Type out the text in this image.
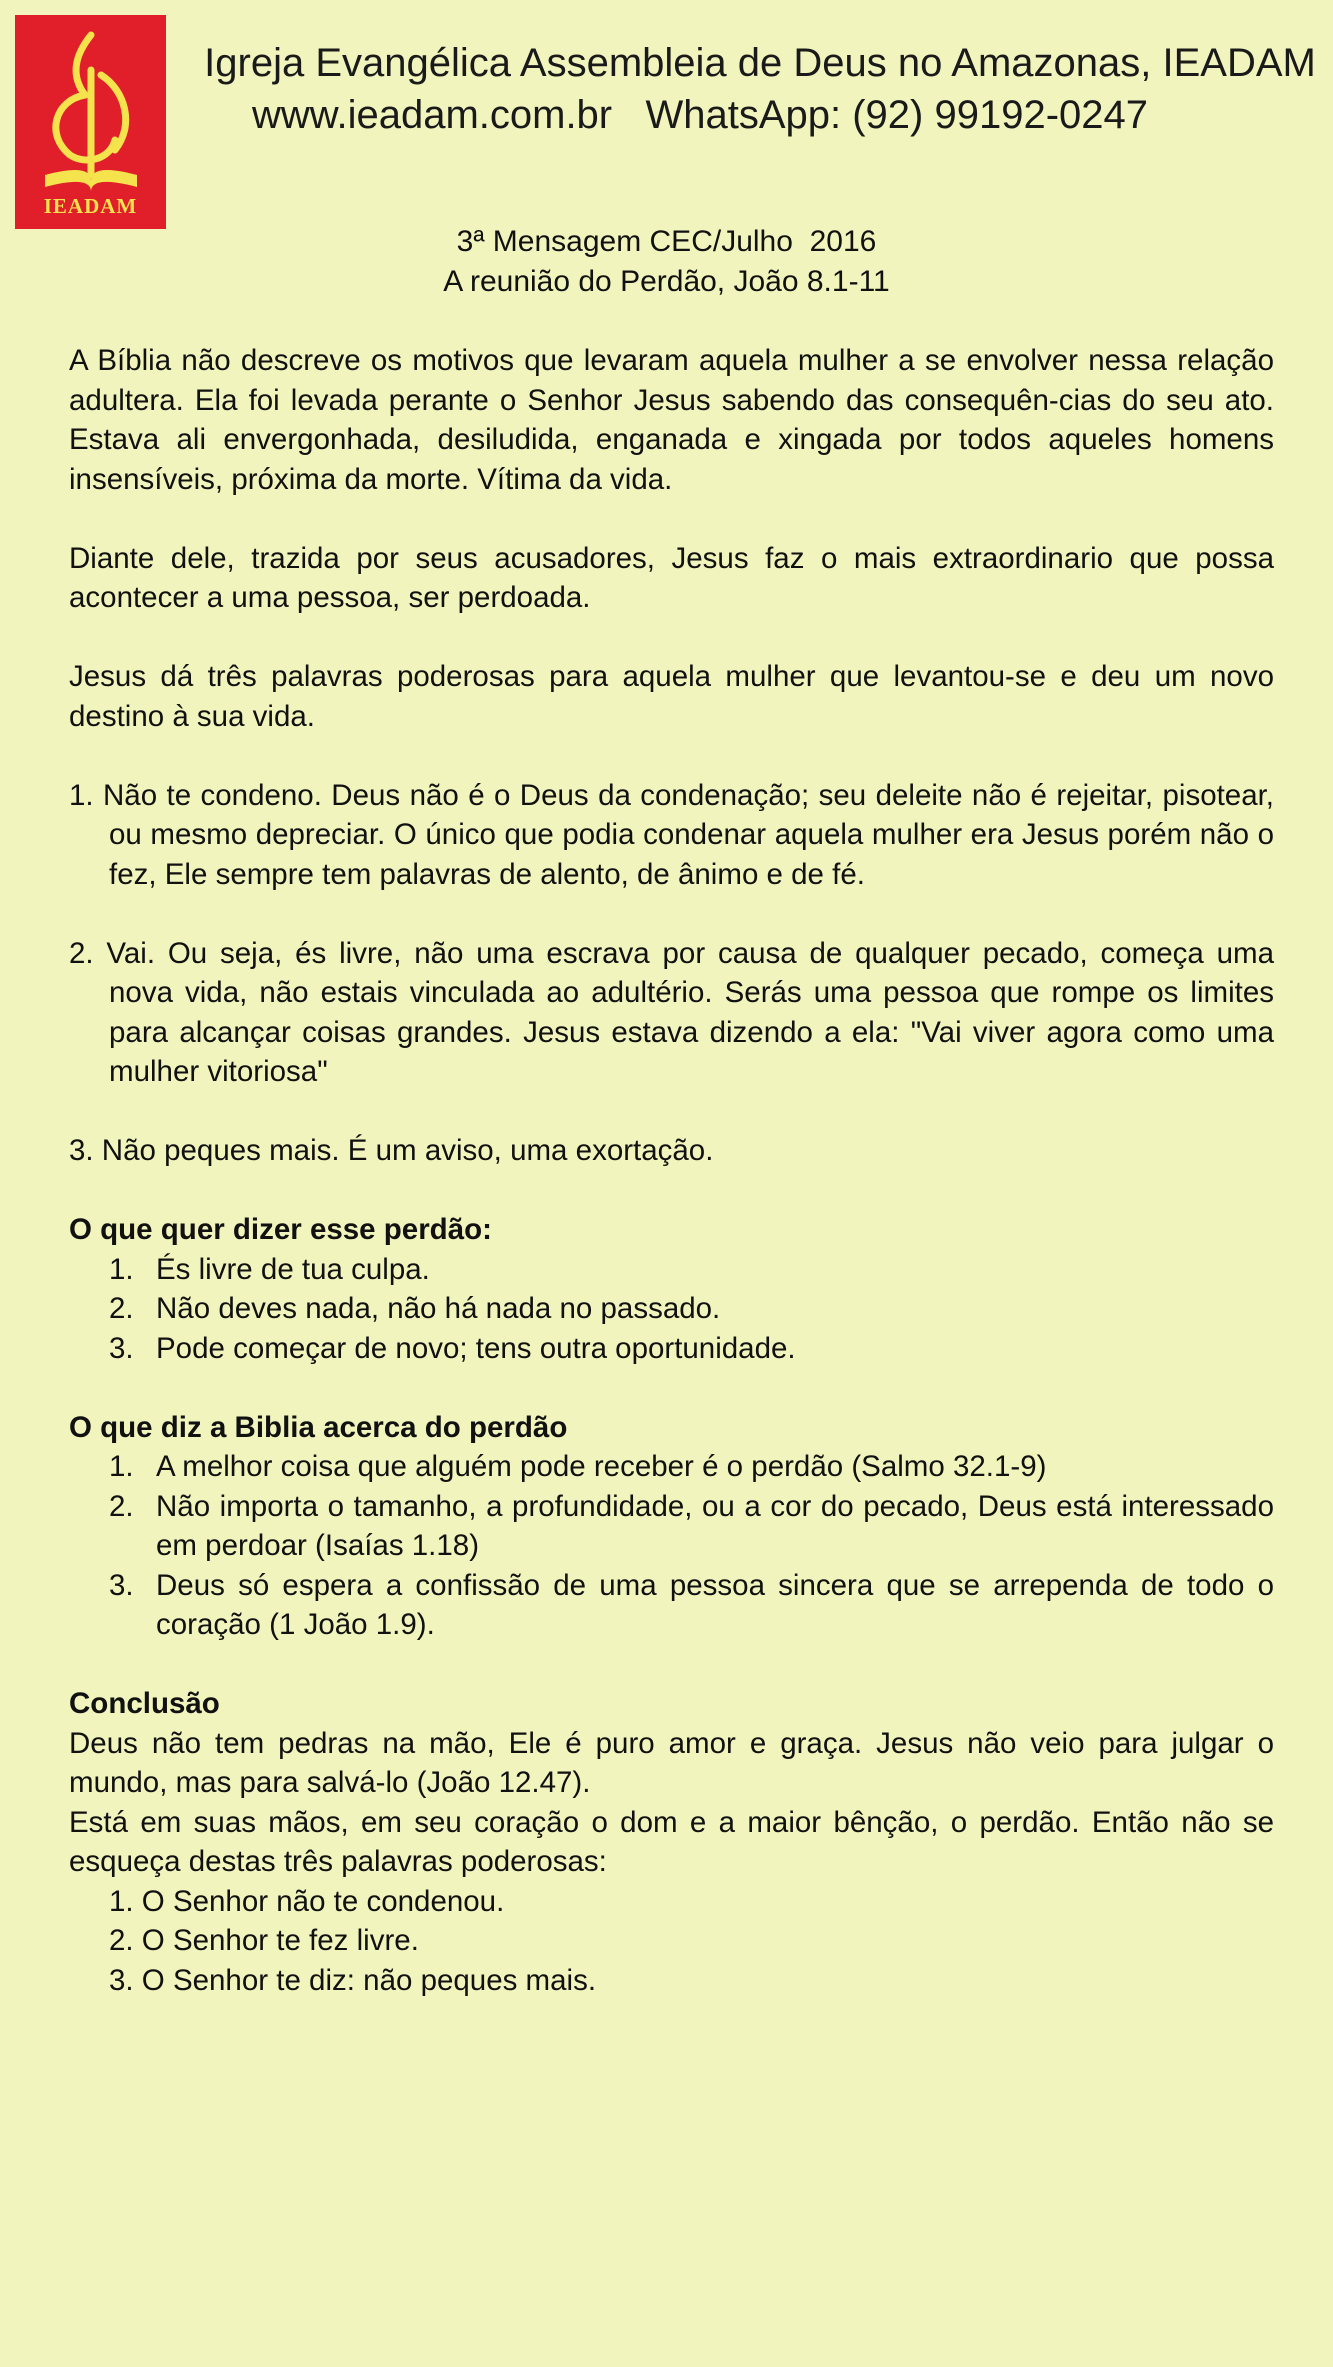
IEADAM
Igreja Evangélica Assembleia de Deus no Amazonas, IEADAM
www.ieadam.com.br   WhatsApp: (92) 99192-0247
3ª Mensagem CEC/Julho  2016
A reunião do Perdão, João 8.1-11

A Bíblia não descreve os motivos que levaram aquela mulher a se envolver nessa relação adultera. Ela foi levada perante o Senhor Jesus sabendo das consequên-cias do seu ato. Estava ali envergonhada, desiludida, enganada e xingada por todos aqueles homens insensíveis, próxima da morte. Vítima da vida.

Diante dele, trazida por seus acusadores, Jesus faz o mais extraordinario que possa acontecer a uma pessoa, ser perdoada.

Jesus dá três palavras poderosas para aquela mulher que levantou-se e deu um novo destino à sua vida.

1. Não te condeno. Deus não é o Deus da condenação; seu deleite não é rejeitar, pisotear, ou mesmo depreciar. O único que podia condenar aquela mulher era Jesus porém não o fez, Ele sempre tem palavras de alento, de ânimo e de fé.

2. Vai. Ou seja, és livre, não uma escrava por causa de qualquer pecado, começa uma nova vida, não estais vinculada ao adultério. Serás uma pessoa que rompe os limites para alcançar coisas grandes. Jesus estava dizendo a ela: "Vai viver agora como uma mulher vitoriosa"

3. Não peques mais. É um aviso, uma exortação.

O que quer dizer esse perdão:

1. És livre de tua culpa.
2. Não deves nada, não há nada no passado.
3. Pode começar de novo; tens outra oportunidade.

O que diz a Biblia acerca do perdão

1. A melhor coisa que alguém pode receber é o perdão (Salmo 32.1-9)
2. Não importa o tamanho, a profundidade, ou a cor do pecado, Deus está interessado em perdoar (Isaías 1.18)
3. Deus só espera a confissão de uma pessoa sincera que se arrependa de todo o coração (1 João 1.9).

Conclusão

Deus não tem pedras na mão, Ele é puro amor e graça. Jesus não veio para julgar o mundo, mas para salvá-lo (João 12.47).

Está em suas mãos, em seu coração o dom e a maior bênção, o perdão. Então não se esqueça destas três palavras poderosas:

1. O Senhor não te condenou.
2. O Senhor te fez livre.
3. O Senhor te diz: não peques mais.
